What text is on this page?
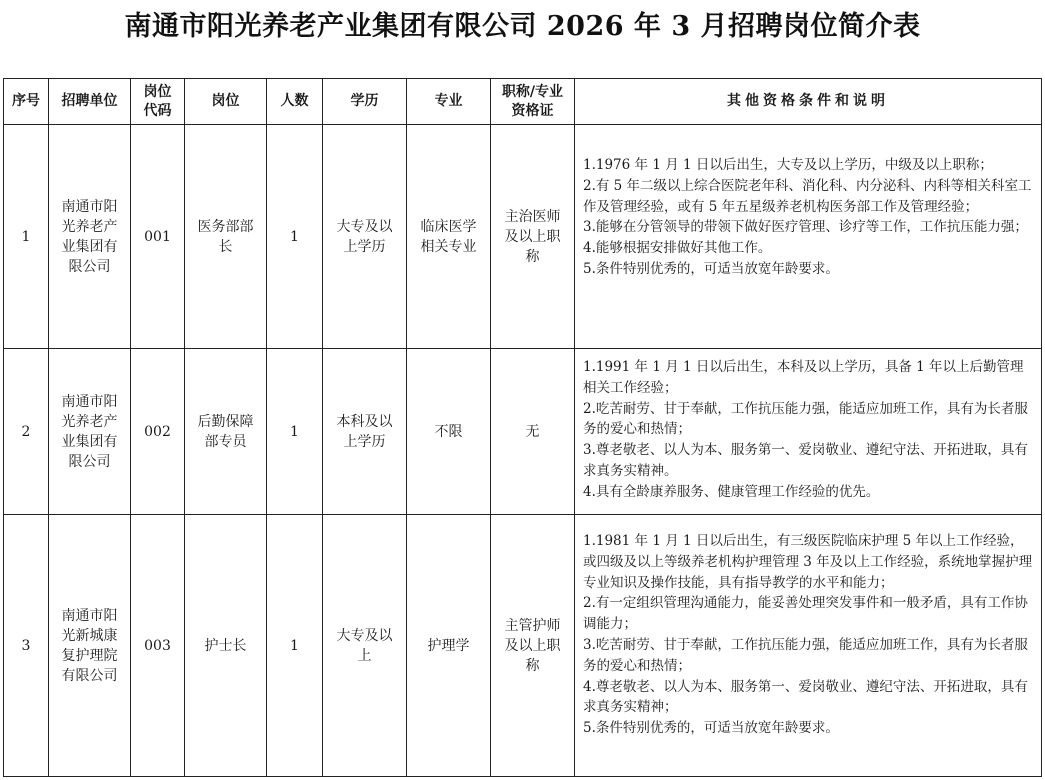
南通市阳光养老产业集团有限公司 2026 年 3 月招聘岗位简介表
序号	招聘单位	岗位代码	岗位	人数	学历	专业	职称/专业资格证	其他资格条件和说明
1	南通市阳光养老产业集团有限公司	001	医务部部长	1	大专及以上学历	临床医学相关专业	主治医师及以上职称	1.1976 年 1 月 1 日以后出生，大专及以上学历，中级及以上职称；
2.有 5 年二级以上综合医院老年科、消化科、内分泌科、内科等相关科室工作及管理经验，或有 5 年五星级养老机构医务部工作及管理经验；
3.能够在分管领导的带领下做好医疗管理、诊疗等工作，工作抗压能力强；
4.能够根据安排做好其他工作。
5.条件特别优秀的，可适当放宽年龄要求。

2	南通市阳光养老产业集团有限公司	002	后勤保障部专员	1	本科及以上学历	不限	无	1.1991 年 1 月 1 日以后出生，本科及以上学历，具备 1 年以上后勤管理相关工作经验；
2.吃苦耐劳、甘于奉献，工作抗压能力强，能适应加班工作，具有为长者服务的爱心和热情；
3.尊老敬老、以人为本、服务第一、爱岗敬业、遵纪守法、开拓进取，具有求真务实精神。
4.具有全龄康养服务、健康管理工作经验的优先。

3	南通市阳光新城康复护理院有限公司	003	护士长	1	大专及以上	护理学	主管护师及以上职称	1.1981 年 1 月 1 日以后出生，有三级医院临床护理 5 年以上工作经验，或四级及以上等级养老机构护理管理 3 年及以上工作经验，系统地掌握护理专业知识及操作技能，具有指导教学的水平和能力；
2.有一定组织管理沟通能力，能妥善处理突发事件和一般矛盾，具有工作协调能力；
3.吃苦耐劳、甘于奉献，工作抗压能力强，能适应加班工作，具有为长者服务的爱心和热情；
4.尊老敬老、以人为本、服务第一、爱岗敬业、遵纪守法、开拓进取，具有求真务实精神；
5.条件特别优秀的，可适当放宽年龄要求。
